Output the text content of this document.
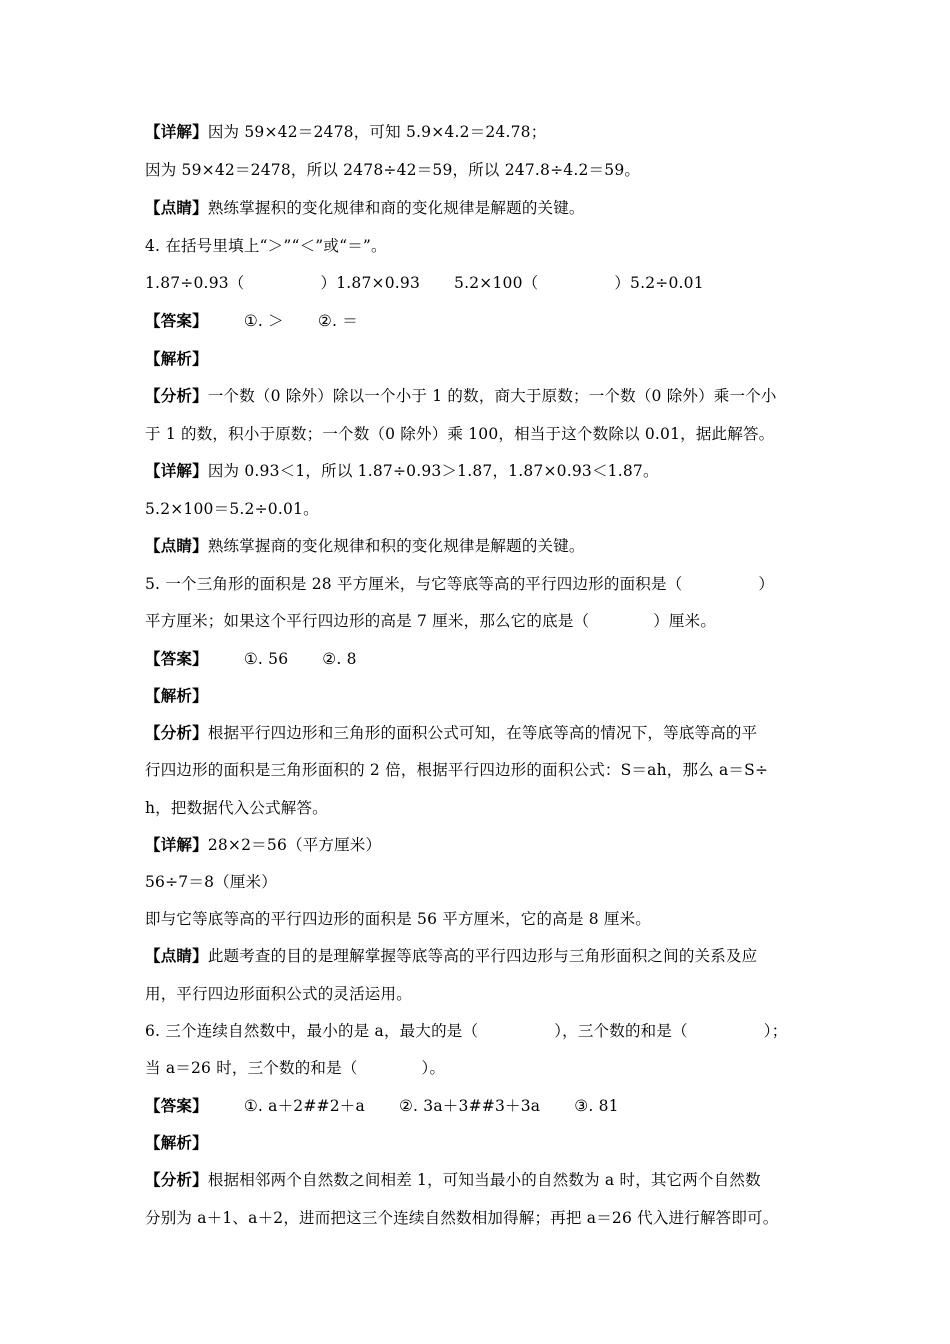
【详解】因为 59×42＝2478，可知 5.9×4.2＝24.78；
因为 59×42＝2478，所以 2478÷42＝59，所以 247.8÷4.2＝59。
【点睛】熟练掌握积的变化规律和商的变化规律是解题的关键。
4. 在括号里填上“＞”“＜”或“＝”。
1.87÷0.93（	）1.87×0.93 5.2×100（	）5.2÷0.01
【答案】 ①. ＞ ②. ＝
【解析】
【分析】一个数（0 除外）除以一个小于 1 的数，商大于原数；一个数（0 除外）乘一个小
于 1 的数，积小于原数；一个数（0 除外）乘 100，相当于这个数除以 0.01，据此解答。
【详解】因为 0.93＜1，所以 1.87÷0.93＞1.87，1.87×0.93＜1.87。
5.2×100＝5.2÷0.01。
【点睛】熟练掌握商的变化规律和积的变化规律是解题的关键。
5. 一个三角形的面积是 28 平方厘米，与它等底等高的平行四边形的面积是（	）
平方厘米；如果这个平行四边形的高是 7 厘米，那么它的底是（	）厘米。
【答案】 ①. 56 ②. 8
【解析】
【分析】根据平行四边形和三角形的面积公式可知，在等底等高的情况下，等底等高的平
行四边形的面积是三角形面积的 2 倍，根据平行四边形的面积公式：S＝ah，那么 a＝S÷
h，把数据代入公式解答。
【详解】28×2＝56（平方厘米）
56÷7＝8（厘米）
即与它等底等高的平行四边形的面积是 56 平方厘米，它的高是 8 厘米。
【点睛】此题考查的目的是理解掌握等底等高的平行四边形与三角形面积之间的关系及应
用，平行四边形面积公式的灵活运用。
6. 三个连续自然数中，最小的是 a，最大的是（	），三个数的和是（	）；
当 a＝26 时，三个数的和是（	）。
【答案】 ①. a＋2##2＋a ②. 3a＋3##3＋3a ③. 81
【解析】
【分析】根据相邻两个自然数之间相差 1，可知当最小的自然数为 a 时，其它两个自然数
分别为 a＋1、a＋2，进而把这三个连续自然数相加得解；再把 a＝26 代入进行解答即可。
